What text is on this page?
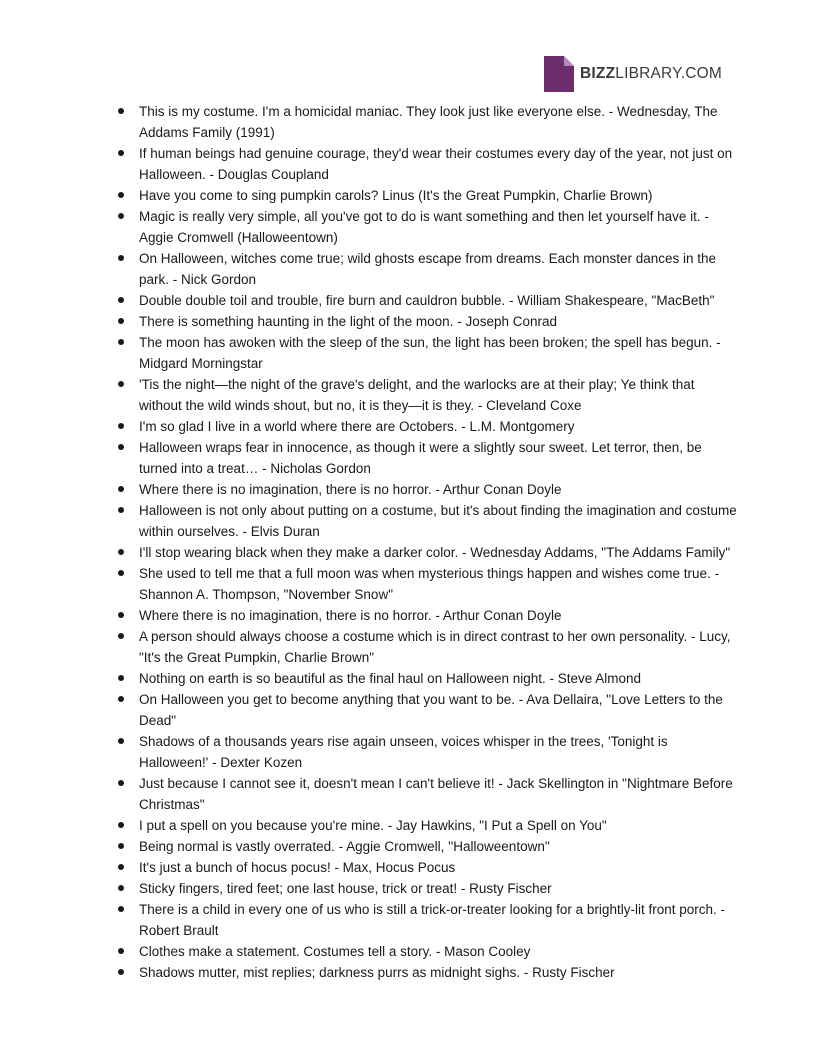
BIZZLIBRARY.COM
This is my costume. I'm a homicidal maniac. They look just like everyone else. - Wednesday, The Addams Family (1991)
If human beings had genuine courage, they'd wear their costumes every day of the year, not just on Halloween. - Douglas Coupland
Have you come to sing pumpkin carols? Linus (It's the Great Pumpkin, Charlie Brown)
Magic is really very simple, all you've got to do is want something and then let yourself have it. - Aggie Cromwell (Halloweentown)
On Halloween, witches come true; wild ghosts escape from dreams. Each monster dances in the park. - Nick Gordon
Double double toil and trouble, fire burn and cauldron bubble. - William Shakespeare, "MacBeth"
There is something haunting in the light of the moon. - Joseph Conrad
The moon has awoken with the sleep of the sun, the light has been broken; the spell has begun. - Midgard Morningstar
'Tis the night—the night of the grave's delight, and the warlocks are at their play; Ye think that without the wild winds shout, but no, it is they—it is they. - Cleveland Coxe
I'm so glad I live in a world where there are Octobers. - L.M. Montgomery
Halloween wraps fear in innocence, as though it were a slightly sour sweet. Let terror, then, be turned into a treat… - Nicholas Gordon
Where there is no imagination, there is no horror. - Arthur Conan Doyle
Halloween is not only about putting on a costume, but it's about finding the imagination and costume within ourselves. - Elvis Duran
I'll stop wearing black when they make a darker color. - Wednesday Addams, "The Addams Family"
She used to tell me that a full moon was when mysterious things happen and wishes come true. - Shannon A. Thompson, "November Snow"
Where there is no imagination, there is no horror. - Arthur Conan Doyle
A person should always choose a costume which is in direct contrast to her own personality. - Lucy, "It's the Great Pumpkin, Charlie Brown"
Nothing on earth is so beautiful as the final haul on Halloween night. - Steve Almond
On Halloween you get to become anything that you want to be. - Ava Dellaira, "Love Letters to the Dead"
Shadows of a thousands years rise again unseen, voices whisper in the trees, 'Tonight is Halloween!' - Dexter Kozen
Just because I cannot see it, doesn't mean I can't believe it! - Jack Skellington in "Nightmare Before Christmas"
I put a spell on you because you're mine. - Jay Hawkins, "I Put a Spell on You"
Being normal is vastly overrated. - Aggie Cromwell, ''Halloweentown''
It's just a bunch of hocus pocus! - Max, Hocus Pocus
Sticky fingers, tired feet; one last house, trick or treat! - Rusty Fischer
There is a child in every one of us who is still a trick-or-treater looking for a brightly-lit front porch. - Robert Brault
Clothes make a statement. Costumes tell a story. - Mason Cooley
Shadows mutter, mist replies; darkness purrs as midnight sighs. - Rusty Fischer
